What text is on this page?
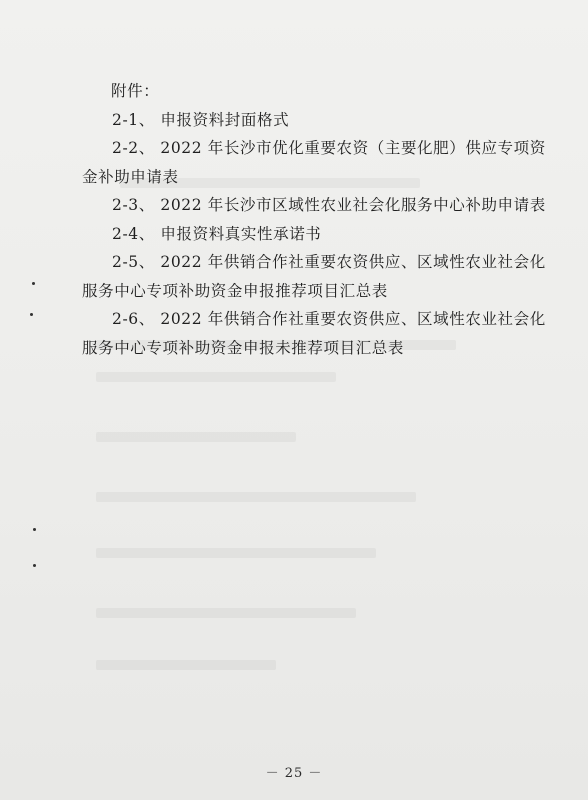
附件：
2-1、 申报资料封面格式
2-2、 2022 年长沙市优化重要农资（主要化肥）供应专项资
金补助申请表
2-3、 2022 年长沙市区域性农业社会化服务中心补助申请表
2-4、 申报资料真实性承诺书
2-5、 2022 年供销合作社重要农资供应、区域性农业社会化
服务中心专项补助资金申报推荐项目汇总表
2-6、 2022 年供销合作社重要农资供应、区域性农业社会化
服务中心专项补助资金申报未推荐项目汇总表
－ 25 －
